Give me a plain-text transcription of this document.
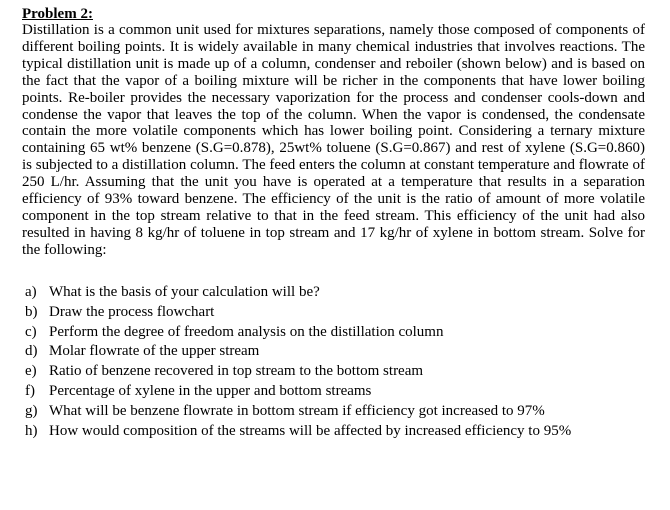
Problem 2:

Distillation is a common unit used for mixtures separations, namely those composed of components of different boiling points. It is widely available in many chemical industries that involves reactions. The typical distillation unit is made up of a column, condenser and reboiler (shown below) and is based on the fact that the vapor of a boiling mixture will be richer in the components that have lower boiling points. Re-boiler provides the necessary vaporization for the process and condenser cools-down and condense the vapor that leaves the top of the column. When the vapor is condensed, the condensate contain the more volatile components which has lower boiling point. Considering a ternary mixture containing 65 wt% benzene (S.G=0.878), 25wt% toluene (S.G=0.867) and rest of xylene (S.G=0.860) is subjected to a distillation column. The feed enters the column at constant temperature and flowrate of 250 L/hr. Assuming that the unit you have is operated at a temperature that results in a separation efficiency of 93% toward benzene. The efficiency of the unit is the ratio of amount of more volatile component in the top stream relative to that in the feed stream. This efficiency of the unit had also resulted in having 8 kg/hr of toluene in top stream and 17 kg/hr of xylene in bottom stream. Solve for the following:

a) What is the basis of your calculation will be?
b) Draw the process flowchart
c) Perform the degree of freedom analysis on the distillation column
d) Molar flowrate of the upper stream
e) Ratio of benzene recovered in top stream to the bottom stream
f) Percentage of xylene in the upper and bottom streams
g) What will be benzene flowrate in bottom stream if efficiency got increased to 97%
h) How would composition of the streams will be affected by increased efficiency to 95%
